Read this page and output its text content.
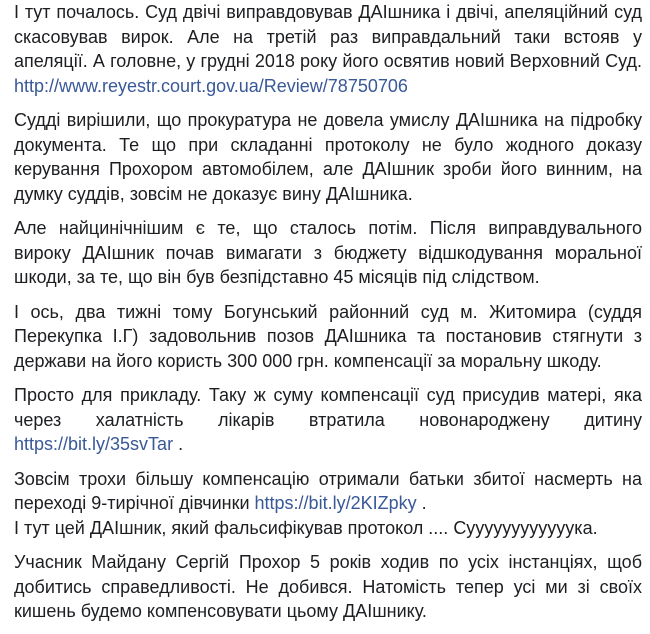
І тут почалось. Суд двічі виправдовував ДАІшника і двічі, апеляційний суд скасовував вирок. Але на третій раз виправдальний таки встояв у апеляції. А головне, у грудні 2018 року його освятив новий Верховний Суд. http://www.reyestr.court.gov.ua/Review/78750706

Судді вирішили, що прокуратура не довела умислу ДАІшника на підробку документа. Те що при складанні протоколу не було жодного доказу керування Прохором автомобілем, але ДАІшник зроби його винним, на думку суддів, зовсім не доказує вину ДАІшника.

Але найцинічнішим є те, що сталось потім. Після виправдувального вироку ДАІшник почав вимагати з бюджету відшкодування моральної шкоди, за те, що він був безпідставно 45 місяців під слідством.

І ось, два тижні тому Богунський районний суд м. Житомира (суддя Перекупка І.Г) задовольнив позов ДАІшника та постановив стягнути з держави на його користь 300 000 грн. компенсації за моральну шкоду.

Просто для прикладу. Таку ж суму компенсації суд присудив матері, яка через халатність лікарів втратила новонароджену дитину https://bit.ly/35svTar .

Зовсім трохи більшу компенсацію отримали батьки збитої насмерть на переході 9-тирічної дівчинки https://bit.ly/2KIZpky .

І тут цей ДАІшник, який фальсифікував протокол .... Суууууууууууука.

Учасник Майдану Сергій Прохор 5 років ходив по усіх інстанціях, щоб добитись справедливості. Не добився. Натомість тепер усі ми зі своїх кишень будемо компенсовувати цьому ДАІшнику.
